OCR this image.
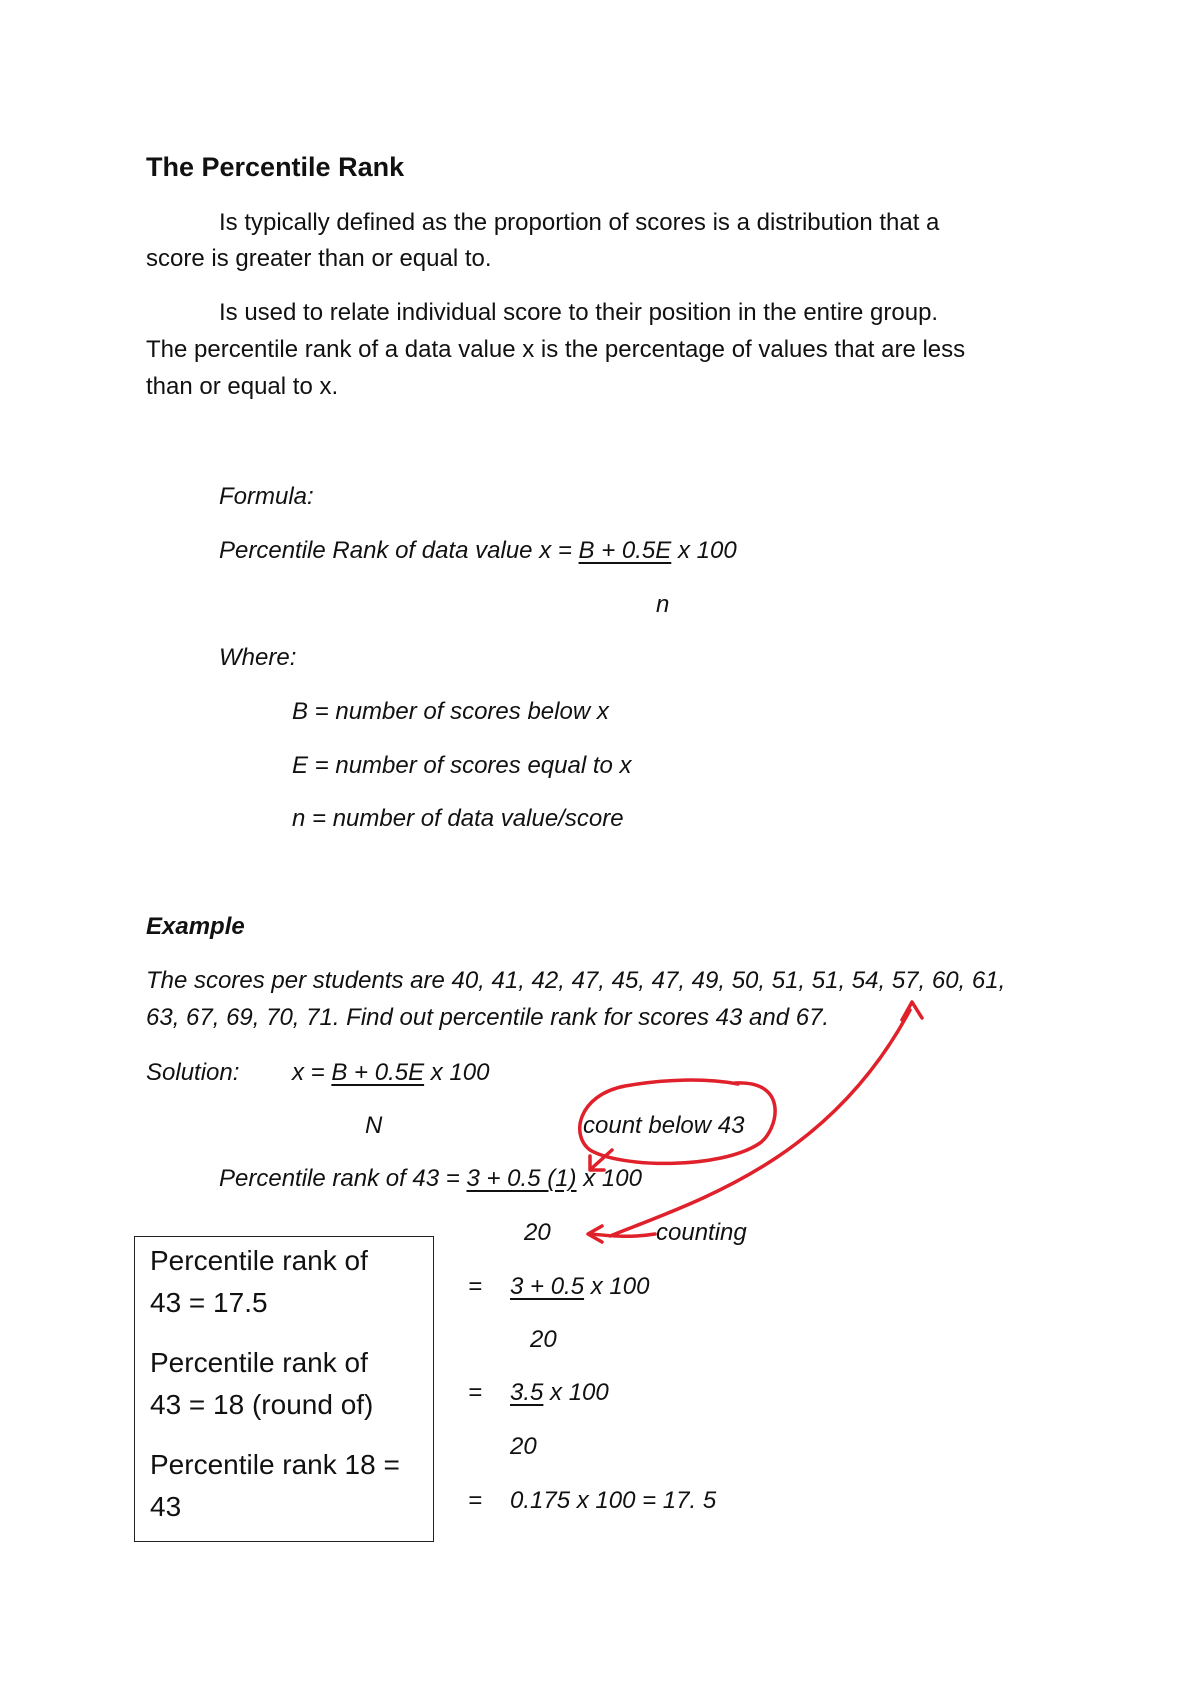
The Percentile Rank
Is typically defined as the proportion of scores is a distribution that a
score is greater than or equal to.
Is used to relate individual score to their position in the entire group.
The percentile rank of a data value x is the percentage of values that are less
than or equal to x.
Formula:
Percentile Rank of data value x = B + 0.5E x 100
n
Where:
B = number of scores below x
E = number of scores equal to x
n = number of data value/score
Example
The scores per students are 40, 41, 42, 47, 45, 47, 49, 50, 51, 51, 54, 57, 60, 61,
63, 67, 69, 70, 71. Find out percentile rank for scores 43 and 67.
Solution: x = B + 0.5E x 100
N	count below 43
Percentile rank of 43 = 3 + 0.5 (1) x 100
20	counting
= 3 + 0.5 x 100
20
= 3.5 x 100
20
= 0.175 x 100 = 17. 5
Percentile rank of
43 = 17.5
Percentile rank of
43 = 18 (round of)
Percentile rank 18 =
43
